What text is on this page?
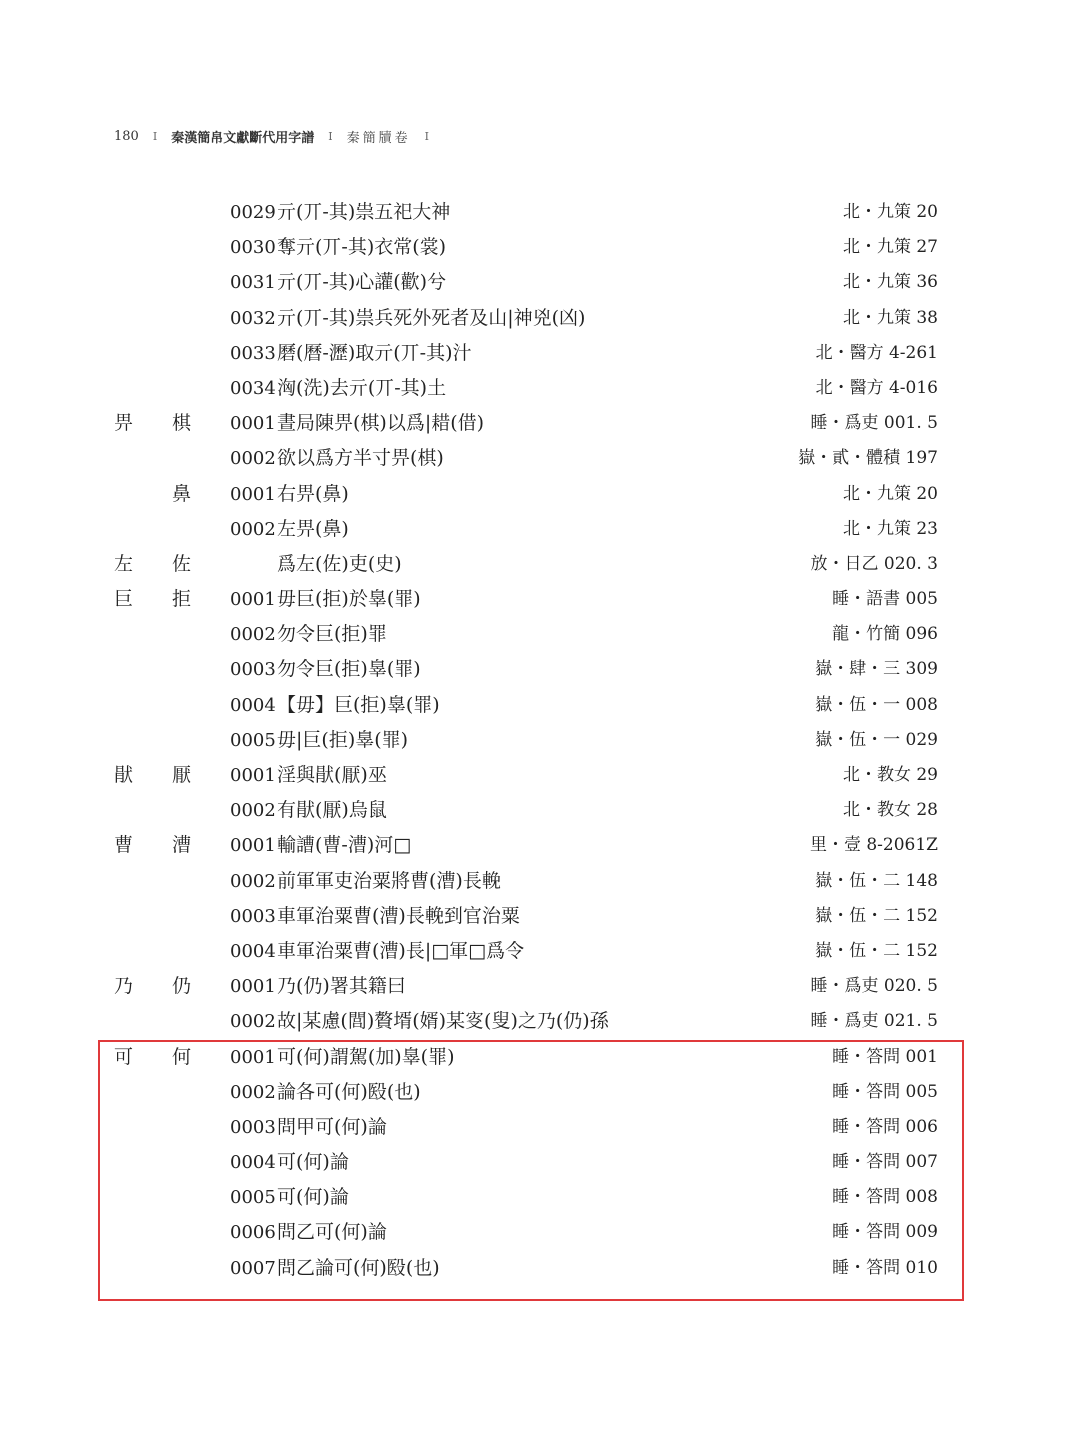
180 I 秦漢簡帛文獻斷代用字譜 I 秦簡牘卷 I
0029 亓(丌-其)祟五祀大神	北・九策 20
0030 奪亓(丌-其)衣常(裳)	北・九策 27
0031 亓(丌-其)心讙(歡)兮	北・九策 36
0032 亓(丌-其)祟兵死外死者及山|神兇(凶)	北・九策 38
0033 磿(曆-瀝)取亓(丌-其)汁	北・醫方 4-261
0034 洶(洗)去亓(丌-其)土	北・醫方 4-016
畀	棋	0001 晝局陳畀(棋)以爲|耤(借)	睡・爲吏 001. 5
0002 欲以爲方半寸畀(棋)	嶽・貳・體積 197
鼻	0001 右畀(鼻)	北・九策 20
0002 左畀(鼻)	北・九策 23
左	佐	爲左(佐)吏(史)	放・日乙 020. 3
巨	拒	0001 毋巨(拒)於辠(罪)	睡・語書 005
0002 勿令巨(拒)罪	龍・竹簡 096
0003 勿令巨(拒)辠(罪)	嶽・肆・三 309
0004 【毋】巨(拒)辠(罪)	嶽・伍・一 008
0005 毋|巨(拒)辠(罪)	嶽・伍・一 029
猒	厭	0001 淫與猒(厭)巫	北・教女 29
0002 有猒(厭)烏鼠	北・教女 28
曹	漕	0001 輸䜊(曹-漕)河□	里・壹 8-2061Z
0002 前軍軍吏治粟將曹(漕)長輓	嶽・伍・二 148
0003 車軍治粟曹(漕)長輓到官治粟	嶽・伍・二 152
0004 車軍治粟曹(漕)長|□軍□爲令	嶽・伍・二 152
乃	仍	0001 乃(仍)署其籍曰	睡・爲吏 020. 5
0002 故|某慮(閭)贅壻(婿)某叜(叟)之乃(仍)孫	睡・爲吏 021. 5
可	何	0001 可(何)謂駕(加)辠(罪)	睡・答問 001
0002 論各可(何)殹(也)	睡・答問 005
0003 問甲可(何)論	睡・答問 006
0004 可(何)論	睡・答問 007
0005 可(何)論	睡・答問 008
0006 問乙可(何)論	睡・答問 009
0007 問乙論可(何)殹(也)	睡・答問 010
